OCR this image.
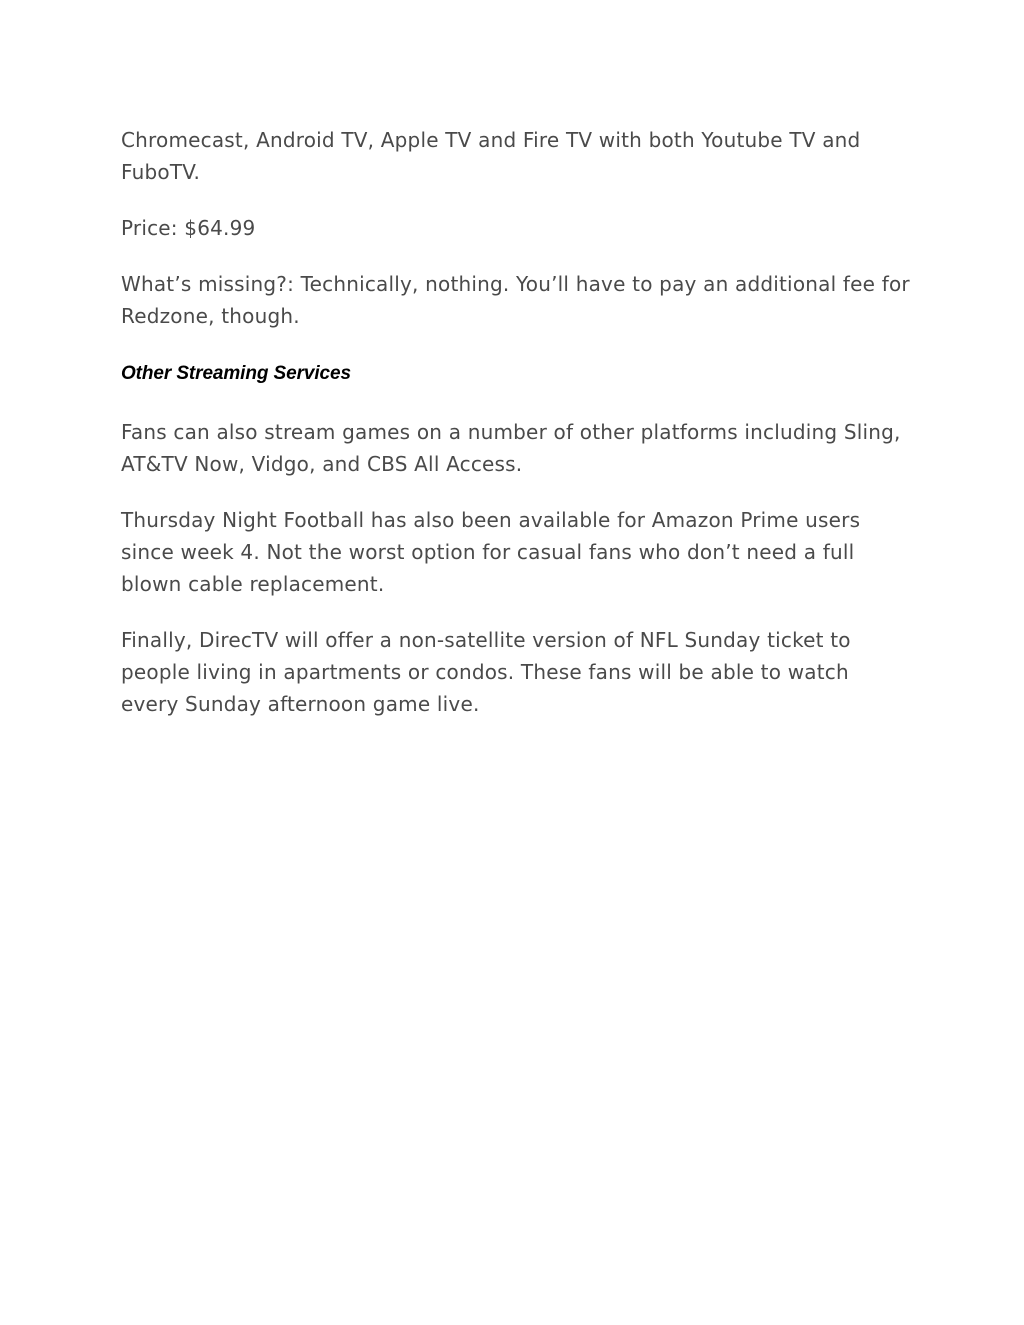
Chromecast, Android TV, Apple TV and Fire TV with both Youtube TV and FuboTV.

Price: $64.99

What’s missing?: Technically, nothing. You’ll have to pay an additional fee for Redzone, though.

Other Streaming Services

Fans can also stream games on a number of other platforms including Sling, AT&TV Now, Vidgo, and CBS All Access.

Thursday Night Football has also been available for Amazon Prime users since week 4. Not the worst option for casual fans who don’t need a full blown cable replacement.

Finally, DirecTV will offer a non-satellite version of NFL Sunday ticket to people living in apartments or condos. These fans will be able to watch every Sunday afternoon game live.
